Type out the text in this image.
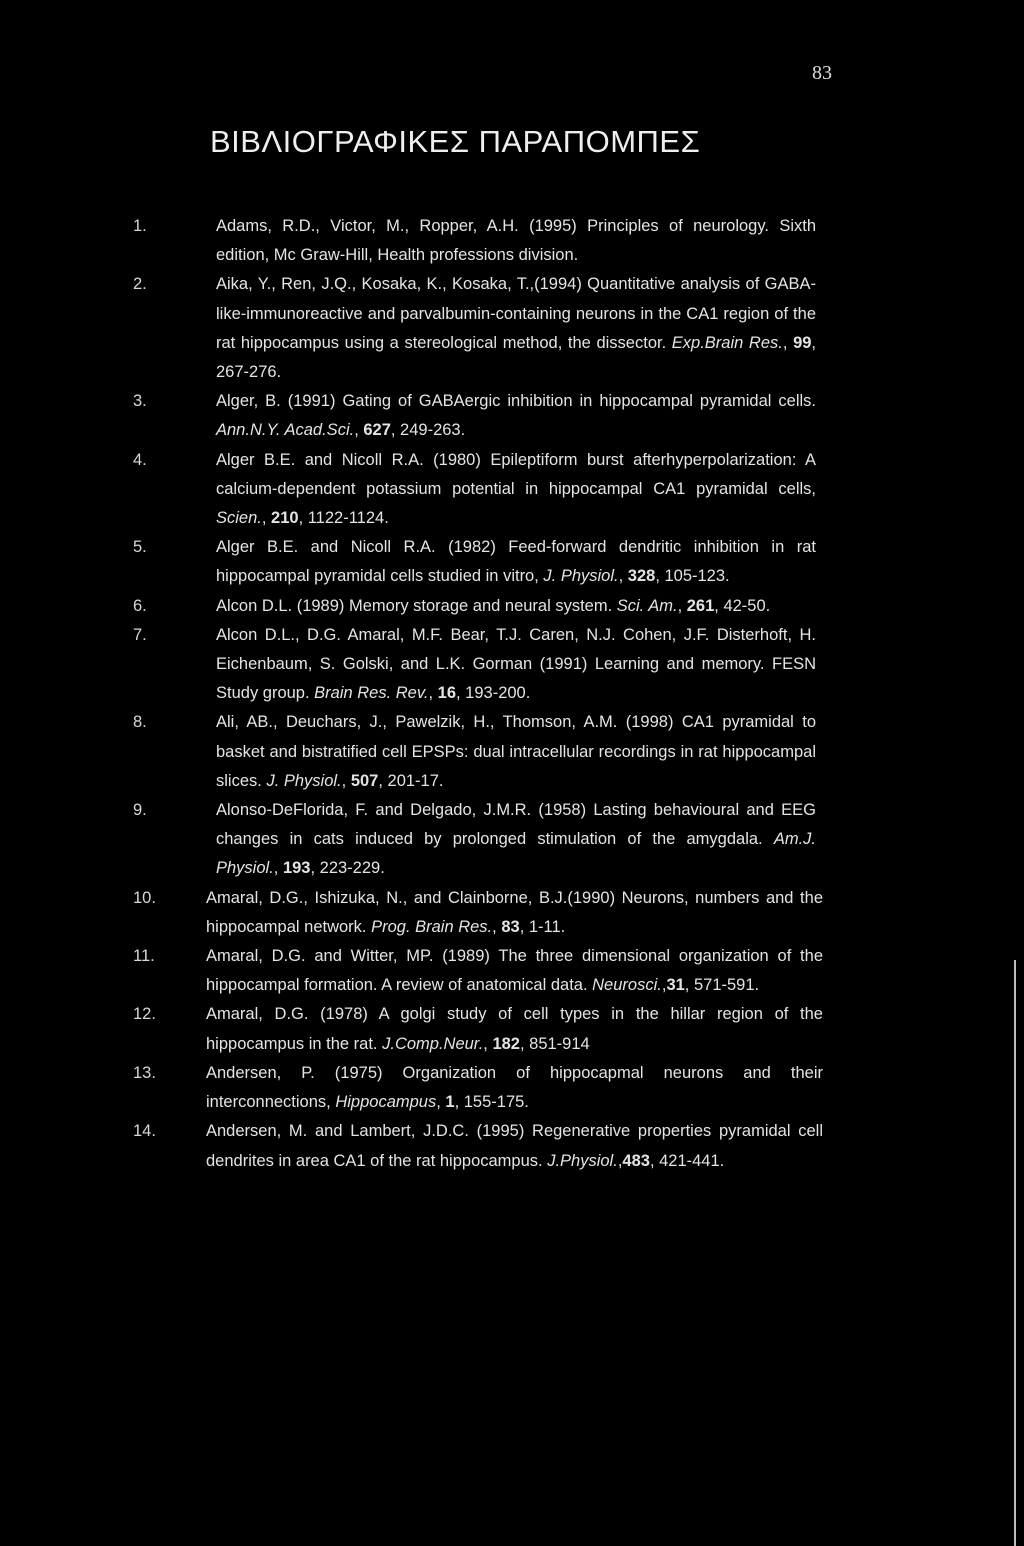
83
ΒΙΒΛΙΟΓΡΑΦΙΚΕΣ ΠΑΡΑΠΟΜΠΕΣ
1.	Adams, R.D., Victor, M., Ropper, A.H. (1995) Principles of neurology. Sixth edition, Mc Graw-Hill, Health professions division.
2.	Aika, Y., Ren, J.Q., Kosaka, K., Kosaka, T.,(1994) Quantitative analysis of GABA-like-immunoreactive and parvalbumin-containing neurons in the CA1 region of the rat hippocampus using a stereological method, the dissector. Exp.Brain Res., 99, 267-276.
3.	Alger, B. (1991) Gating of GABAergic inhibition in hippocampal pyramidal cells. Ann.N.Y. Acad.Sci., 627, 249-263.
4.	Alger B.E. and Nicoll R.A. (1980) Epileptiform burst afterhyperpolarization: A calcium-dependent potassium potential in hippocampal CA1 pyramidal cells, Scien., 210, 1122-1124.
5.	Alger B.E. and Nicoll R.A. (1982) Feed-forward dendritic inhibition in rat hippocampal pyramidal cells studied in vitro, J. Physiol., 328, 105-123.
6.	Alcon D.L. (1989) Memory storage and neural system. Sci. Am., 261, 42-50.
7.	Alcon D.L., D.G. Amaral, M.F. Bear, T.J. Caren, N.J. Cohen, J.F. Disterhoft, H. Eichenbaum, S. Golski, and L.K. Gorman (1991) Learning and memory. FESN Study group. Brain Res. Rev., 16, 193-200.
8.	Ali, AB., Deuchars, J., Pawelzik, H., Thomson, A.M. (1998) CA1 pyramidal to basket and bistratified cell EPSPs: dual intracellular recordings in rat hippocampal slices. J. Physiol., 507, 201-17.
9.	Alonso-DeFlorida, F. and Delgado, J.M.R. (1958) Lasting behavioural and EEG changes in cats induced by prolonged stimulation of the amygdala. Am.J. Physiol., 193, 223-229.
10.	Amaral, D.G., Ishizuka, N., and Clainborne, B.J.(1990) Neurons, numbers and the hippocampal network. Prog. Brain Res., 83, 1-11.
11.	Amaral, D.G. and Witter, MP. (1989) The three dimensional organization of the hippocampal formation. A review of anatomical data. Neurosci.,31, 571-591.
12.	Amaral, D.G. (1978) A golgi study of cell types in the hillar region of the hippocampus in the rat. J.Comp.Neur., 182, 851-914
13.	Andersen, P. (1975) Organization of hippocapmal neurons and their interconnections, Hippocampus, 1, 155-175.
14.	Andersen, M. and Lambert, J.D.C. (1995) Regenerative properties pyramidal cell dendrites in area CA1 of the rat hippocampus. J.Physiol.,483, 421-441.
